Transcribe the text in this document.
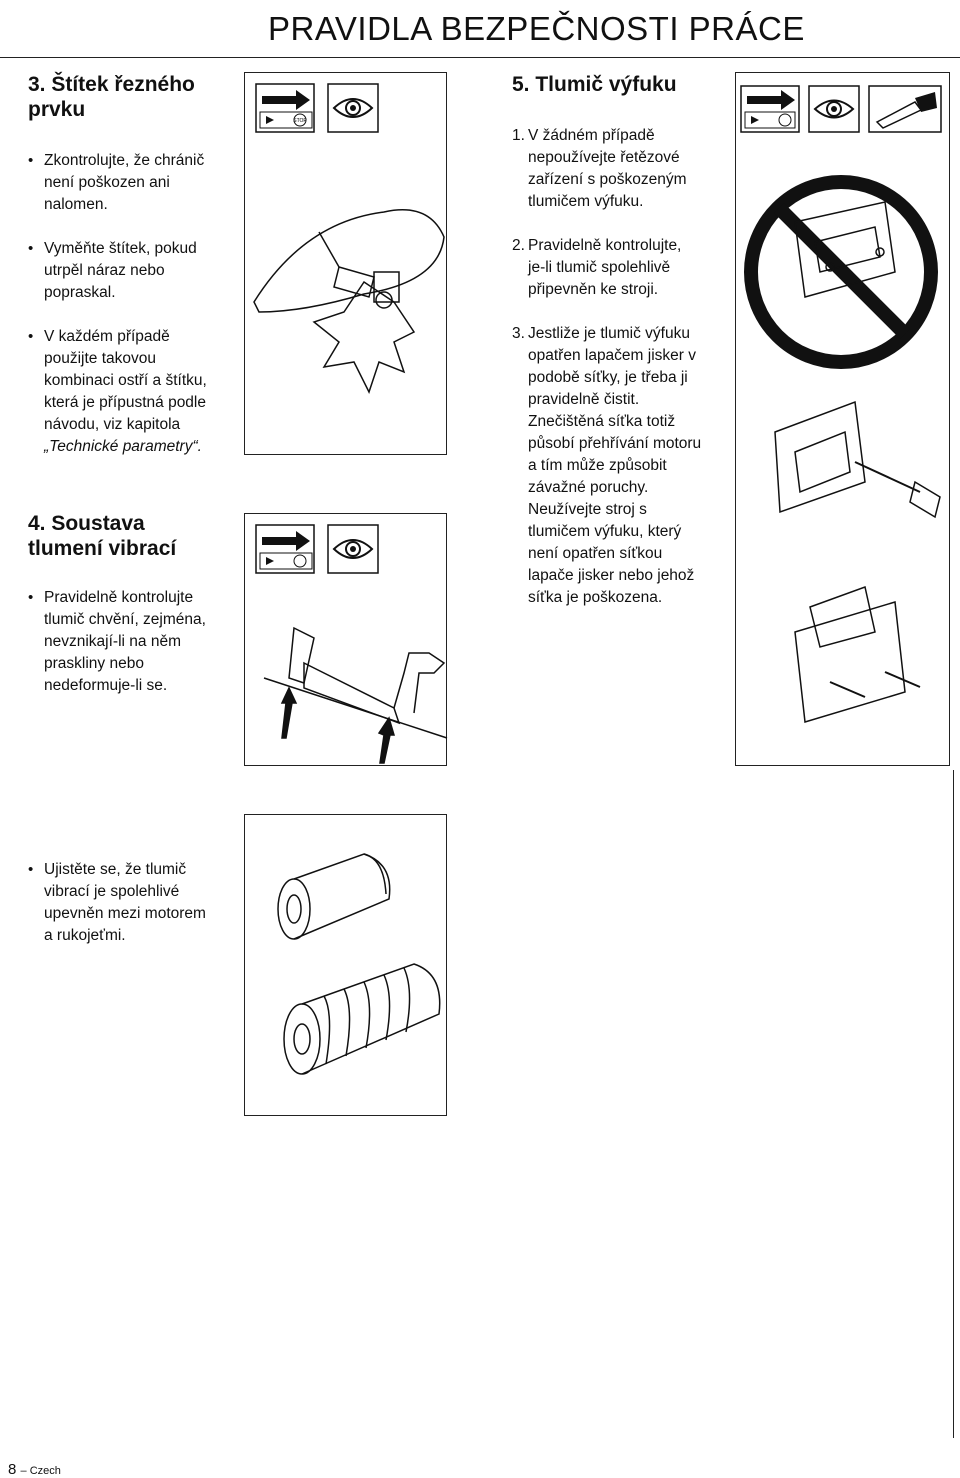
PRAVIDLA BEZPEČNOSTI PRÁCE
3. Štítek řezného
prvku
• Zkontrolujte, že chránič
není poškozen ani
nalomen.
• Vyměňte štítek, pokud
utrpěl náraz nebo
popraskal.
• V každém případě
použijte takovou
kombinaci ostří a štítku,
která je přípustná podle
návodu, viz kapitola
„Technické parametry“.
4. Soustava
tlumení vibrací
• Pravidelně kontrolujte
tlumič chvění, zejména,
nevznikají-li na něm
praskliny nebo
nedeformuje-li se.
• Ujistěte se, že tlumič
vibrací je spolehlivé
upevněn mezi motorem
a rukojeťmi.
5. Tlumič výfuku
1. V žádném případě
nepoužívejte řetězové
zařízení s poškozeným
tlumičem výfuku.
2. Pravidelně kontrolujte,
je-li tlumič spolehlivě
připevněn ke stroji.
3. Jestliže je tlumič výfuku
opatřen lapačem jisker v
podobě síťky, je třeba ji
pravidelně čistit.
Znečištěná síťka totiž
působí přehřívání motoru
a tím může způsobit
závažné poruchy.
Neužívejte stroj s
tlumičem výfuku, který
není opatřen síťkou
lapače jisker nebo jehož
síťka je poškozena.
STOP
8 – Czech
